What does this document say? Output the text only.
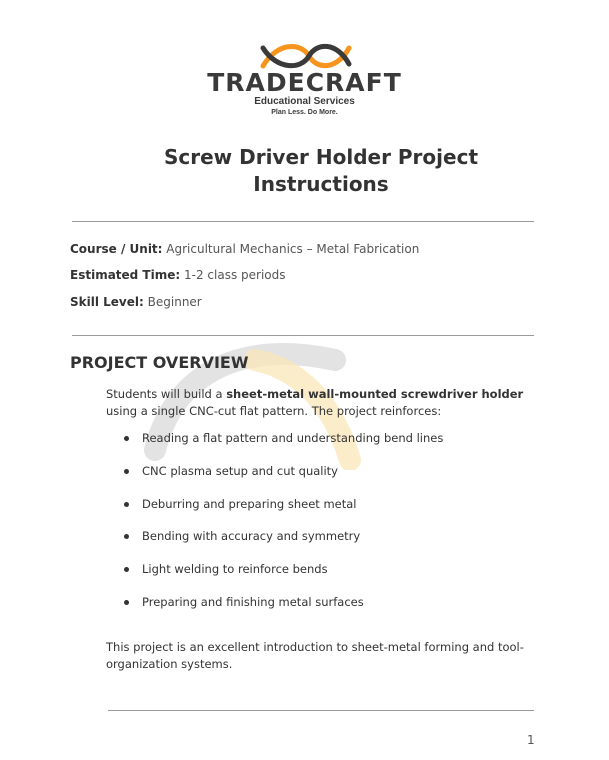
TRADECRAFT
Educational Services
Plan Less. Do More.
Screw Driver Holder Project Instructions
Course / Unit: Agricultural Mechanics – Metal Fabrication
Estimated Time: 1-2 class periods
Skill Level: Beginner
PROJECT OVERVIEW
Students will build a sheet-metal wall-mounted screwdriver holder using a single CNC-cut flat pattern. The project reinforces:
Reading a flat pattern and understanding bend lines
CNC plasma setup and cut quality
Deburring and preparing sheet metal
Bending with accuracy and symmetry
Light welding to reinforce bends
Preparing and finishing metal surfaces
This project is an excellent introduction to sheet-metal forming and tool-organization systems.
1
